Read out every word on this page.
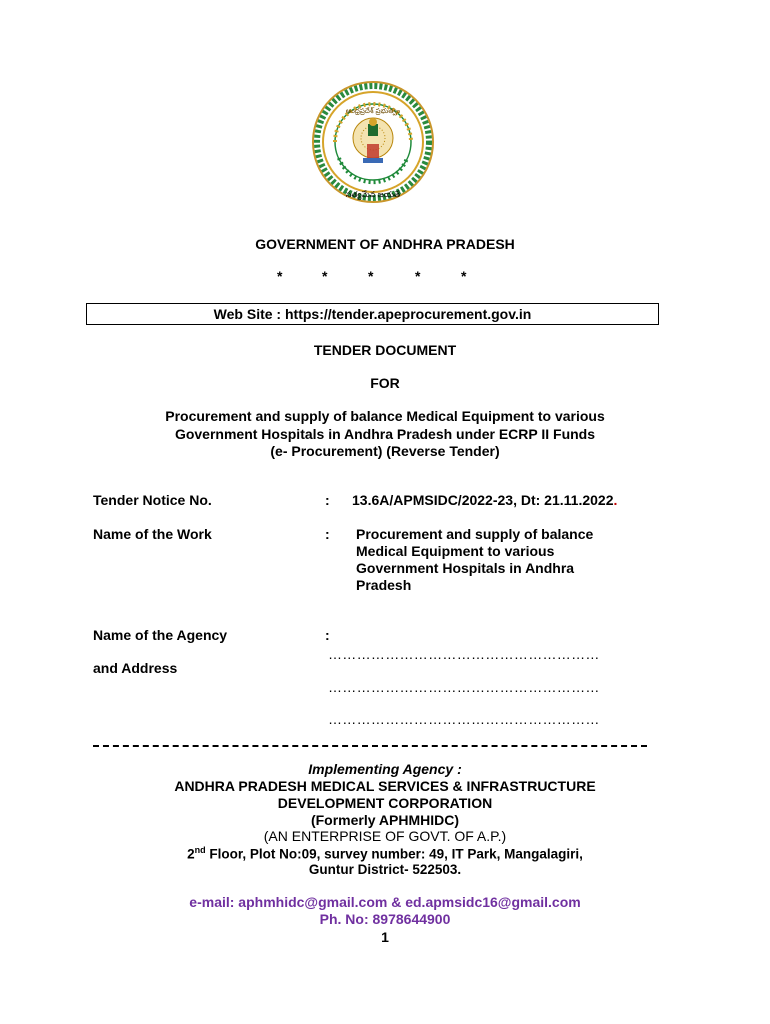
ఆంధ్రప్రదేశ్ ప్రభుత్వం
సత్యమేవ జయతే
GOVERNMENT OF ANDHRA PRADESH
*	*	*	*	*
Web Site : https://tender.apeprocurement.gov.in
TENDER DOCUMENT
FOR
Procurement and supply of balance Medical Equipment to various
Government Hospitals in Andhra Pradesh under ECRP II Funds
(e- Procurement) (Reverse Tender)
Tender Notice No.	: 13.6A/APMSIDC/2022-23, Dt: 21.11.2022.
Name of the Work	: Procurement and supply of balance
Medical Equipment to various
Government Hospitals in Andhra
Pradesh
Name of the Agency	:
…………………………………………………
and Address
…………………………………………………
…………………………………………………
Implementing Agency :
ANDHRA PRADESH MEDICAL SERVICES & INFRASTRUCTURE
DEVELOPMENT CORPORATION
(Formerly APHMHIDC)
(AN ENTERPRISE OF GOVT. OF A.P.)
2nd Floor, Plot No:09, survey number: 49, IT Park, Mangalagiri,
Guntur District- 522503.
e-mail: aphmhidc@gmail.com & ed.apmsidc16@gmail.com
Ph. No: 8978644900
1
